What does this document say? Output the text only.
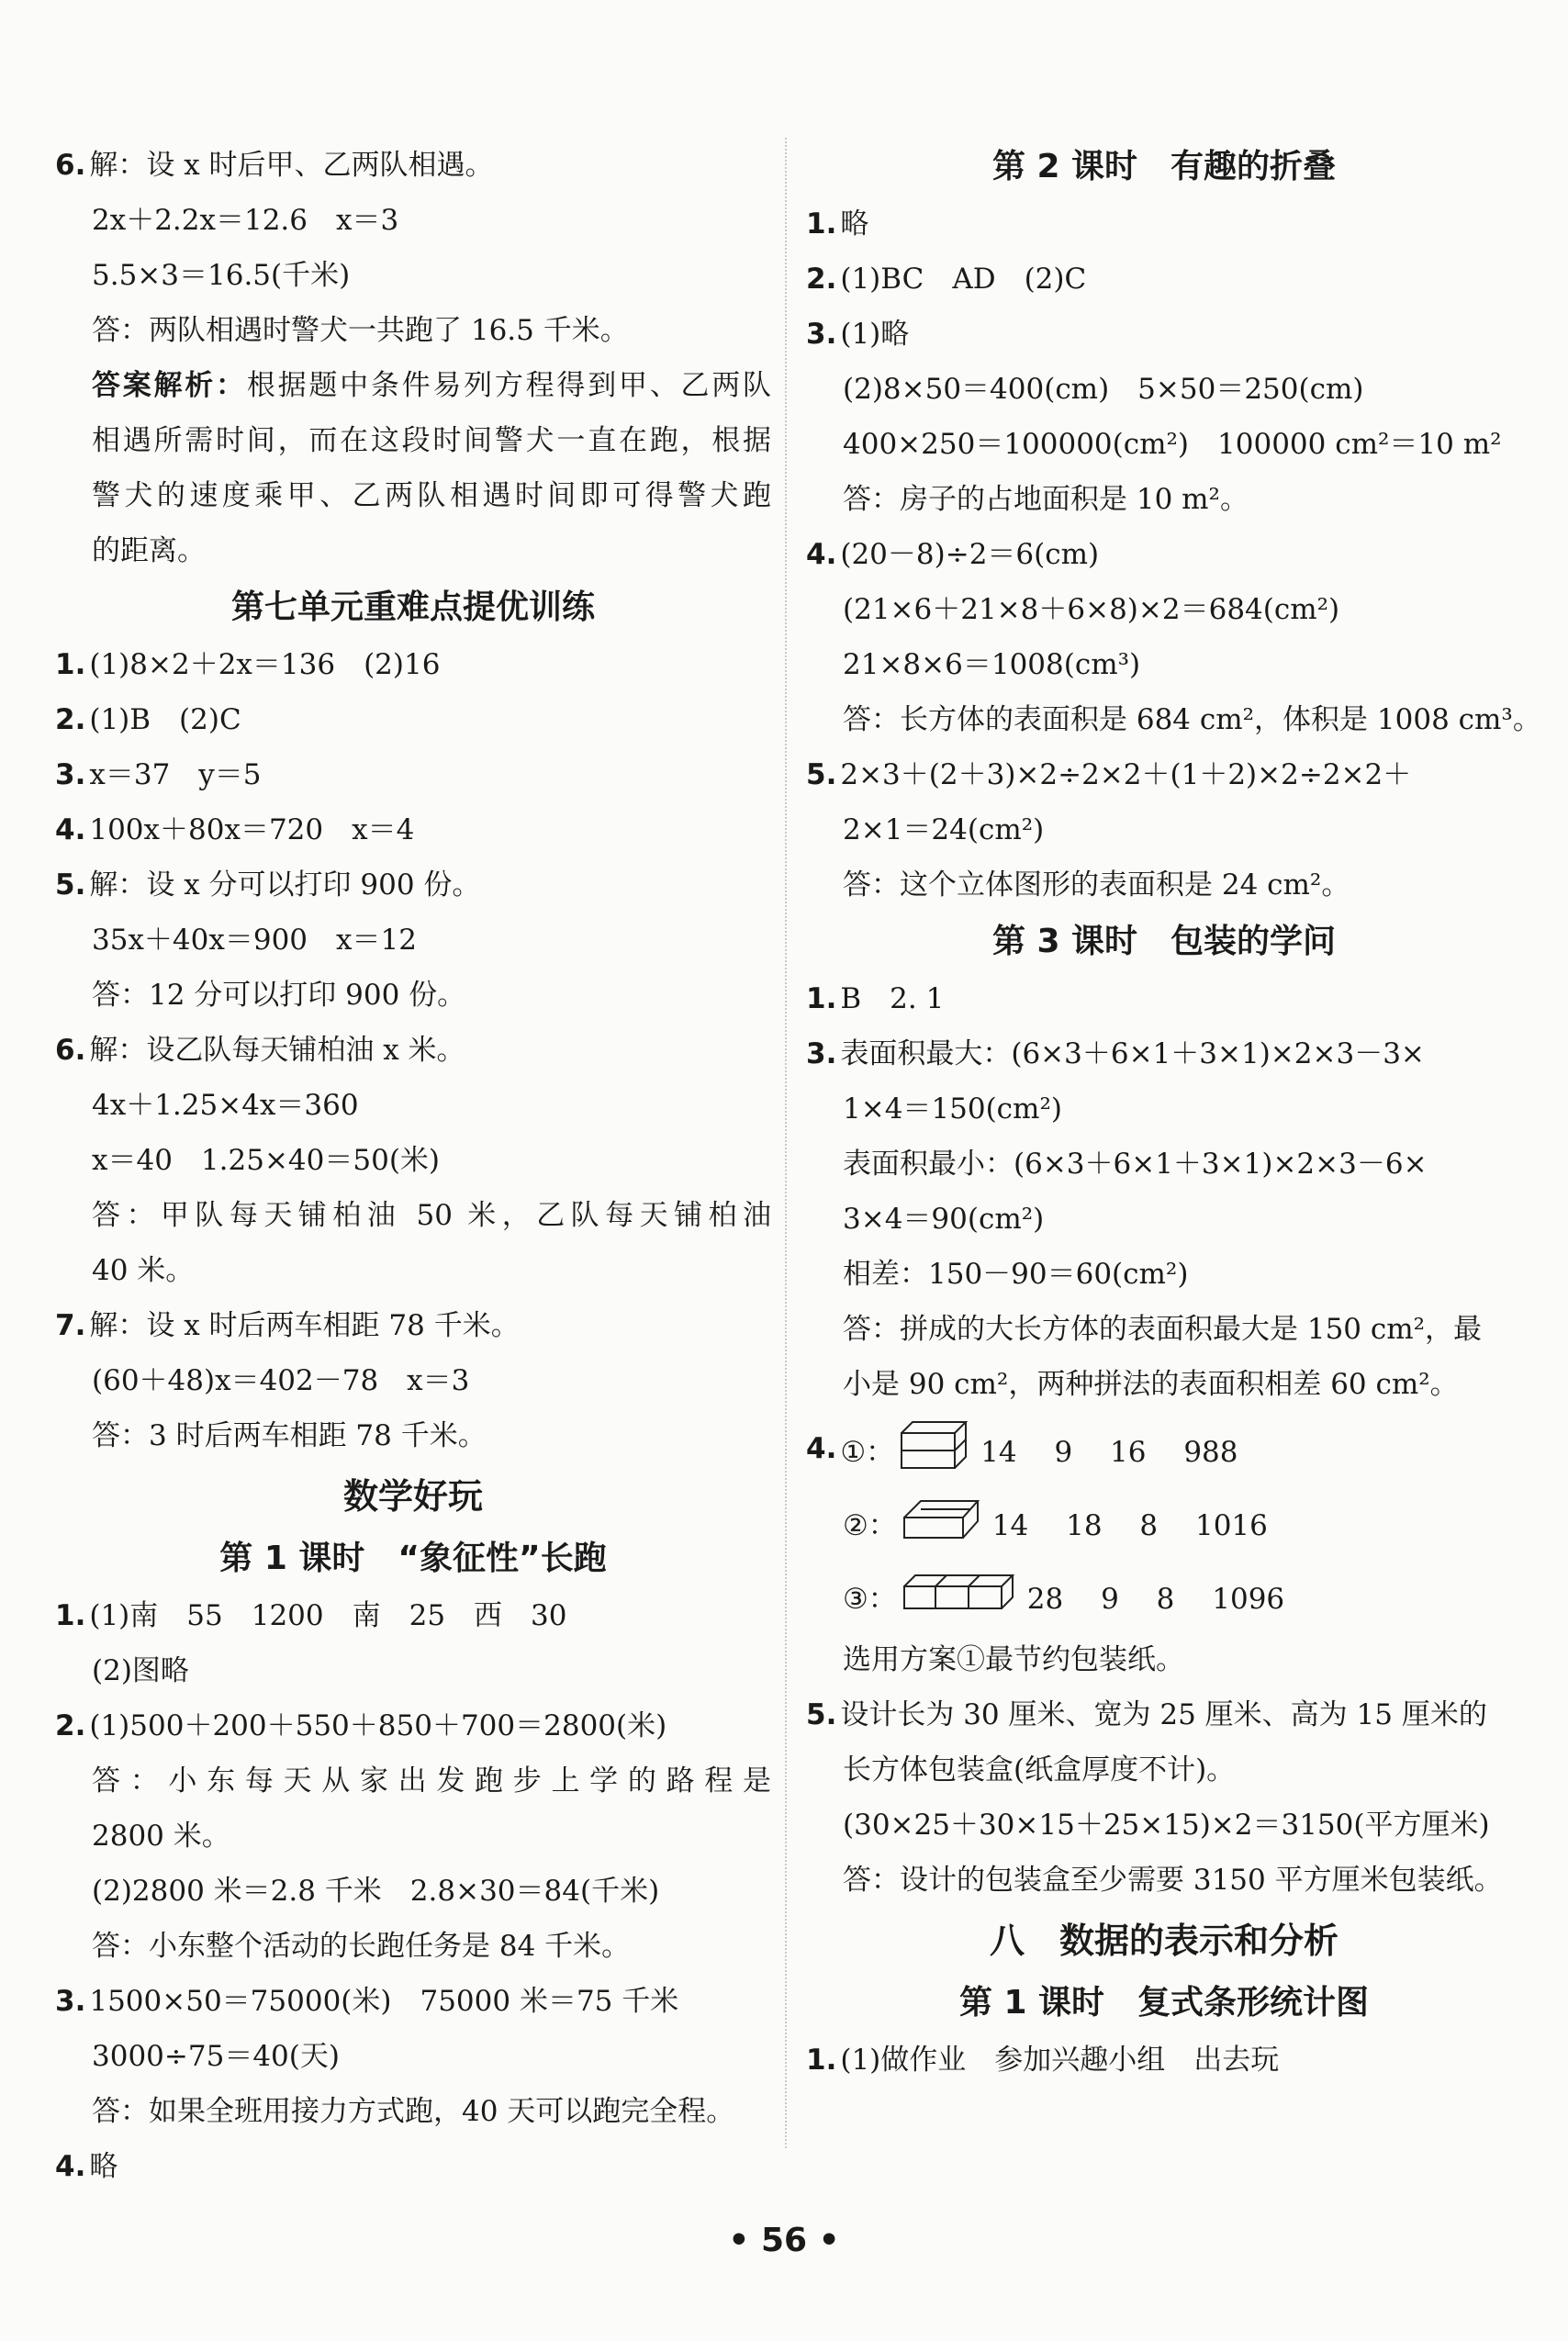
6. 解：设 x 时后甲、乙两队相遇。
2x＋2.2x＝12.6　x＝3
5.5×3＝16.5(千米)
答：两队相遇时警犬一共跑了 16.5 千米。
答案解析：根据题中条件易列方程得到甲、乙两队
相遇所需时间，而在这段时间警犬一直在跑，根据
警犬的速度乘甲、乙两队相遇时间即可得警犬跑
的距离。
第七单元重难点提优训练
1. (1)8×2＋2x＝136　(2)16
2. (1)B　(2)C
3. x＝37　y＝5
4. 100x＋80x＝720　x＝4
5. 解：设 x 分可以打印 900 份。
35x＋40x＝900　x＝12
答：12 分可以打印 900 份。
6. 解：设乙队每天铺柏油 x 米。
4x＋1.25×4x＝360
x＝40　1.25×40＝50(米)
答：甲队每天铺柏油 50 米，乙队每天铺柏油
40 米。
7. 解：设 x 时后两车相距 78 千米。
(60＋48)x＝402－78　x＝3
答：3 时后两车相距 78 千米。
数学好玩
第 1 课时　“象征性”长跑
1. (1)南　55　1200　南　25　西　30
(2)图略
2. (1)500＋200＋550＋850＋700＝2800(米)
答：小东每天从家出发跑步上学的路程是
2800 米。
(2)2800 米＝2.8 千米　2.8×30＝84(千米)
答：小东整个活动的长跑任务是 84 千米。
3. 1500×50＝75000(米)　75000 米＝75 千米
3000÷75＝40(天)
答：如果全班用接力方式跑，40 天可以跑完全程。
4. 略
第 2 课时　有趣的折叠
1. 略
2. (1)BC　AD　(2)C
3. (1)略
(2)8×50＝400(cm)　5×50＝250(cm)
400×250＝100000(cm²)　100000 cm²＝10 m²
答：房子的占地面积是 10 m²。
4. (20－8)÷2＝6(cm)
(21×6＋21×8＋6×8)×2＝684(cm²)
21×8×6＝1008(cm³)
答：长方体的表面积是 684 cm²，体积是 1008 cm³。
5. 2×3＋(2＋3)×2÷2×2＋(1＋2)×2÷2×2＋
2×1＝24(cm²)
答：这个立体图形的表面积是 24 cm²。
第 3 课时　包装的学问
1. B　2. 1
3. 表面积最大：(6×3＋6×1＋3×1)×2×3－3×
1×4＝150(cm²)
表面积最小：(6×3＋6×1＋3×1)×2×3－6×
3×4＝90(cm²)
相差：150－90＝60(cm²)
答：拼成的大长方体的表面积最大是 150 cm²，最
小是 90 cm²，两种拼法的表面积相差 60 cm²。
4. ①：	14　 9　 16　 988
②：	14　 18　 8　 1016
③：	28　 9　 8　 1096
选用方案①最节约包装纸。
5. 设计长为 30 厘米、宽为 25 厘米、高为 15 厘米的
长方体包装盒(纸盒厚度不计)。
(30×25＋30×15＋25×15)×2＝3150(平方厘米)
答：设计的包装盒至少需要 3150 平方厘米包装纸。
八　数据的表示和分析
第 1 课时　复式条形统计图
1. (1)做作业　参加兴趣小组　出去玩
• 56 •
